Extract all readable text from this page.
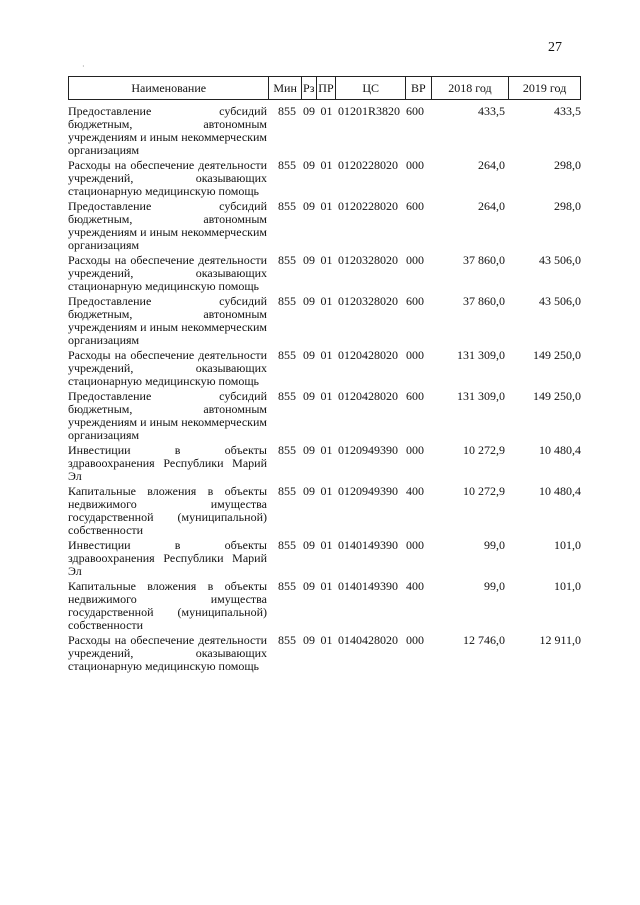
27
·
Наименование	Мин Рз ПР	ЦС	ВР	2018 год	2019 год
Предоставление субсидий бюджетным, автономным учреждениям и иным некоммерческим организациям
855 09 01 01201R3820 600	433,5	433,5
Расходы на обеспечение деятельности учреждений, оказывающих стационарную медицинскую помощь
855 09 01 0120228020 000	264,0	298,0
Предоставление субсидий бюджетным, автономным учреждениям и иным некоммерческим организациям
855 09 01 0120228020 600	264,0	298,0
Расходы на обеспечение деятельности учреждений, оказывающих стационарную медицинскую помощь
855 09 01 0120328020 000	37 860,0	43 506,0
Предоставление субсидий бюджетным, автономным учреждениям и иным некоммерческим организациям
855 09 01 0120328020 600	37 860,0	43 506,0
Расходы на обеспечение деятельности учреждений, оказывающих стационарную медицинскую помощь
855 09 01 0120428020 000	131 309,0	149 250,0
Предоставление субсидий бюджетным, автономным учреждениям и иным некоммерческим организациям
855 09 01 0120428020 600	131 309,0	149 250,0
Инвестиции в объекты здравоохранения Республики Марий Эл
855 09 01 0120949390 000	10 272,9	10 480,4
Капитальные вложения в объекты недвижимого имущества государственной (муниципальной) собственности
855 09 01 0120949390 400	10 272,9	10 480,4
Инвестиции в объекты здравоохранения Республики Марий Эл
855 09 01 0140149390 000	99,0	101,0
Капитальные вложения в объекты недвижимого имущества государственной (муниципальной) собственности
855 09 01 0140149390 400	99,0	101,0
Расходы на обеспечение деятельности учреждений, оказывающих стационарную медицинскую помощь
855 09 01 0140428020 000	12 746,0	12 911,0
